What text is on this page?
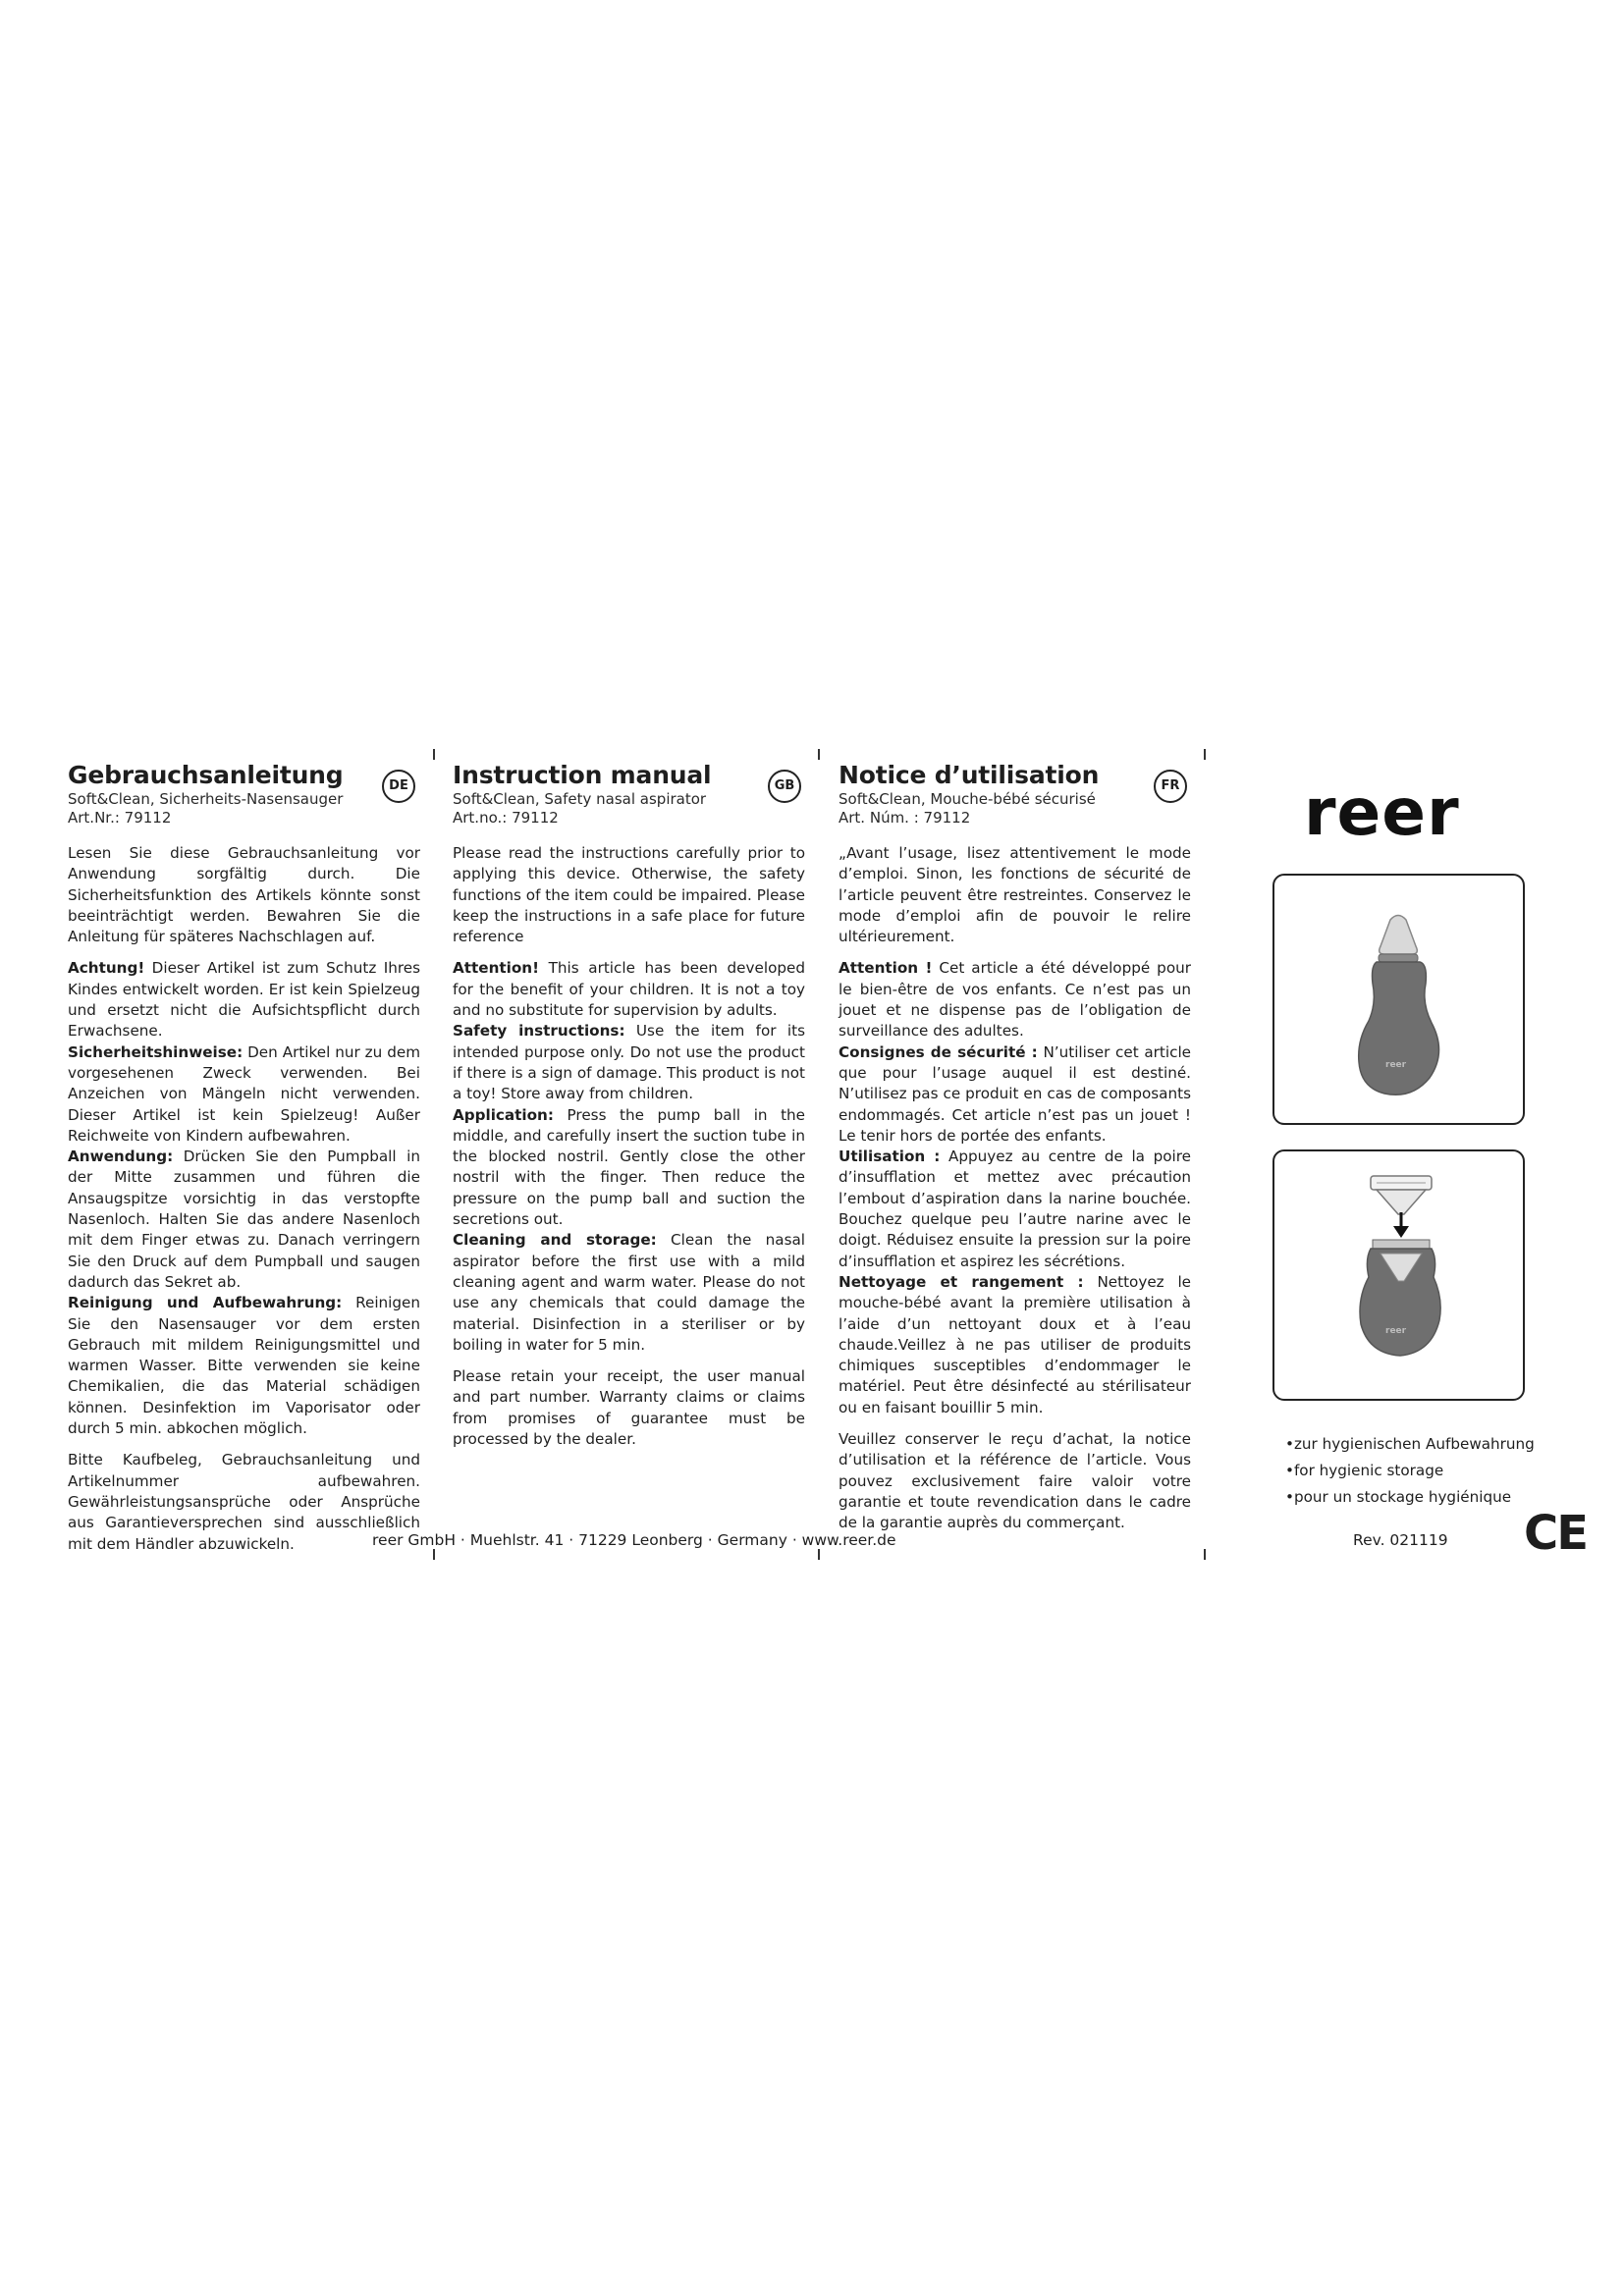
DE
Gebrauchsanleitung
Soft&Clean, Sicherheits-Nasensauger
Art.Nr.: 79112

Lesen Sie diese Gebrauchsanleitung vor Anwendung sorgfältig durch. Die Sicherheitsfunktion des Artikels könnte sonst beeinträchtigt werden. Bewahren Sie die Anleitung für späteres Nachschlagen auf.

Achtung! Dieser Artikel ist zum Schutz Ihres Kindes entwickelt worden. Er ist kein Spielzeug und ersetzt nicht die Aufsichtspflicht durch Erwachsene.

Sicherheitshinweise: Den Artikel nur zu dem vorgesehenen Zweck verwenden. Bei Anzeichen von Mängeln nicht verwenden. Dieser Artikel ist kein Spielzeug! Außer Reichweite von Kindern aufbewahren.

Anwendung: Drücken Sie den Pumpball in der Mitte zusammen und führen die Ansaugspitze vorsichtig in das verstopfte Nasenloch. Halten Sie das andere Nasenloch mit dem Finger etwas zu. Danach verringern Sie den Druck auf dem Pumpball und saugen dadurch das Sekret ab.

Reinigung und Aufbewahrung: Reinigen Sie den Nasensauger vor dem ersten Gebrauch mit mildem Reinigungsmittel und warmen Wasser. Bitte verwenden sie keine Chemikalien, die das Material schädigen können. Desinfektion im Vaporisator oder durch 5 min. abkochen möglich.

Bitte Kaufbeleg, Gebrauchsanleitung und Artikelnummer aufbewahren. Gewährleistungsansprüche oder Ansprüche aus Garantieversprechen sind ausschließlich mit dem Händler abzuwickeln.

GB
Instruction manual
Soft&Clean, Safety nasal aspirator
Art.no.: 79112

Please read the instructions carefully prior to applying this device. Otherwise, the safety functions of the item could be impaired. Please keep the instructions in a safe place for future reference

Attention! This article has been developed for the benefit of your children. It is not a toy and no substitute for supervision by adults.

Safety instructions: Use the item for its intended purpose only. Do not use the product if there is a sign of damage. This product is not a toy! Store away from children.

Application: Press the pump ball in the middle, and carefully insert the suction tube in the blocked nostril. Gently close the other nostril with the finger. Then reduce the pressure on the pump ball and suction the secretions out.

Cleaning and storage: Clean the nasal aspirator before the first use with a mild cleaning agent and warm water. Please do not use any chemicals that could damage the material. Disinfection in a steriliser or by boiling in water for 5 min.

Please retain your receipt, the user manual and part number. Warranty claims or claims from promises of guarantee must be processed by the dealer.

FR
Notice d’utilisation
Soft&Clean, Mouche-bébé sécurisé
Art. Núm. : 79112

„Avant l’usage, lisez attentivement le mode d’emploi. Sinon, les fonctions de sécurité de l’article peuvent être restreintes. Conservez le mode d’emploi afin de pouvoir le relire ultérieurement.

Attention ! Cet article a été développé pour le bien-être de vos enfants. Ce n’est pas un jouet et ne dispense pas de l’obligation de surveillance des adultes.

Consignes de sécurité : N’utiliser cet article que pour l’usage auquel il est destiné. N’utilisez pas ce produit en cas de composants endommagés. Cet article n’est pas un jouet ! Le tenir hors de portée des enfants.

Utilisation : Appuyez au centre de la poire d’insufflation et mettez avec précaution l’embout d’aspiration dans la narine bouchée. Bouchez quelque peu l’autre narine avec le doigt. Réduisez ensuite la pression sur la poire d’insufflation et aspirez les sécrétions.

Nettoyage et rangement : Nettoyez le mouche-bébé avant la première utilisation à l’aide d’un nettoyant doux et à l’eau chaude.Veillez à ne pas utiliser de produits chimiques susceptibles d’endommager le matériel. Peut être désinfecté au stérilisateur ou en faisant bouillir 5 min.

Veuillez conserver le reçu d’achat, la notice d’utilisation et la référence de l’article. Vous pouvez exclusivement faire valoir votre garantie et toute revendication dans le cadre de la garantie auprès du commerçant.

reer
reer
reer
•zur hygienischen Aufbewahrung
•for hygienic storage
•pour un stockage hygiénique
reer GmbH · Muehlstr. 41 · 71229 Leonberg · Germany · www.reer.de	Rev. 021119 CE
